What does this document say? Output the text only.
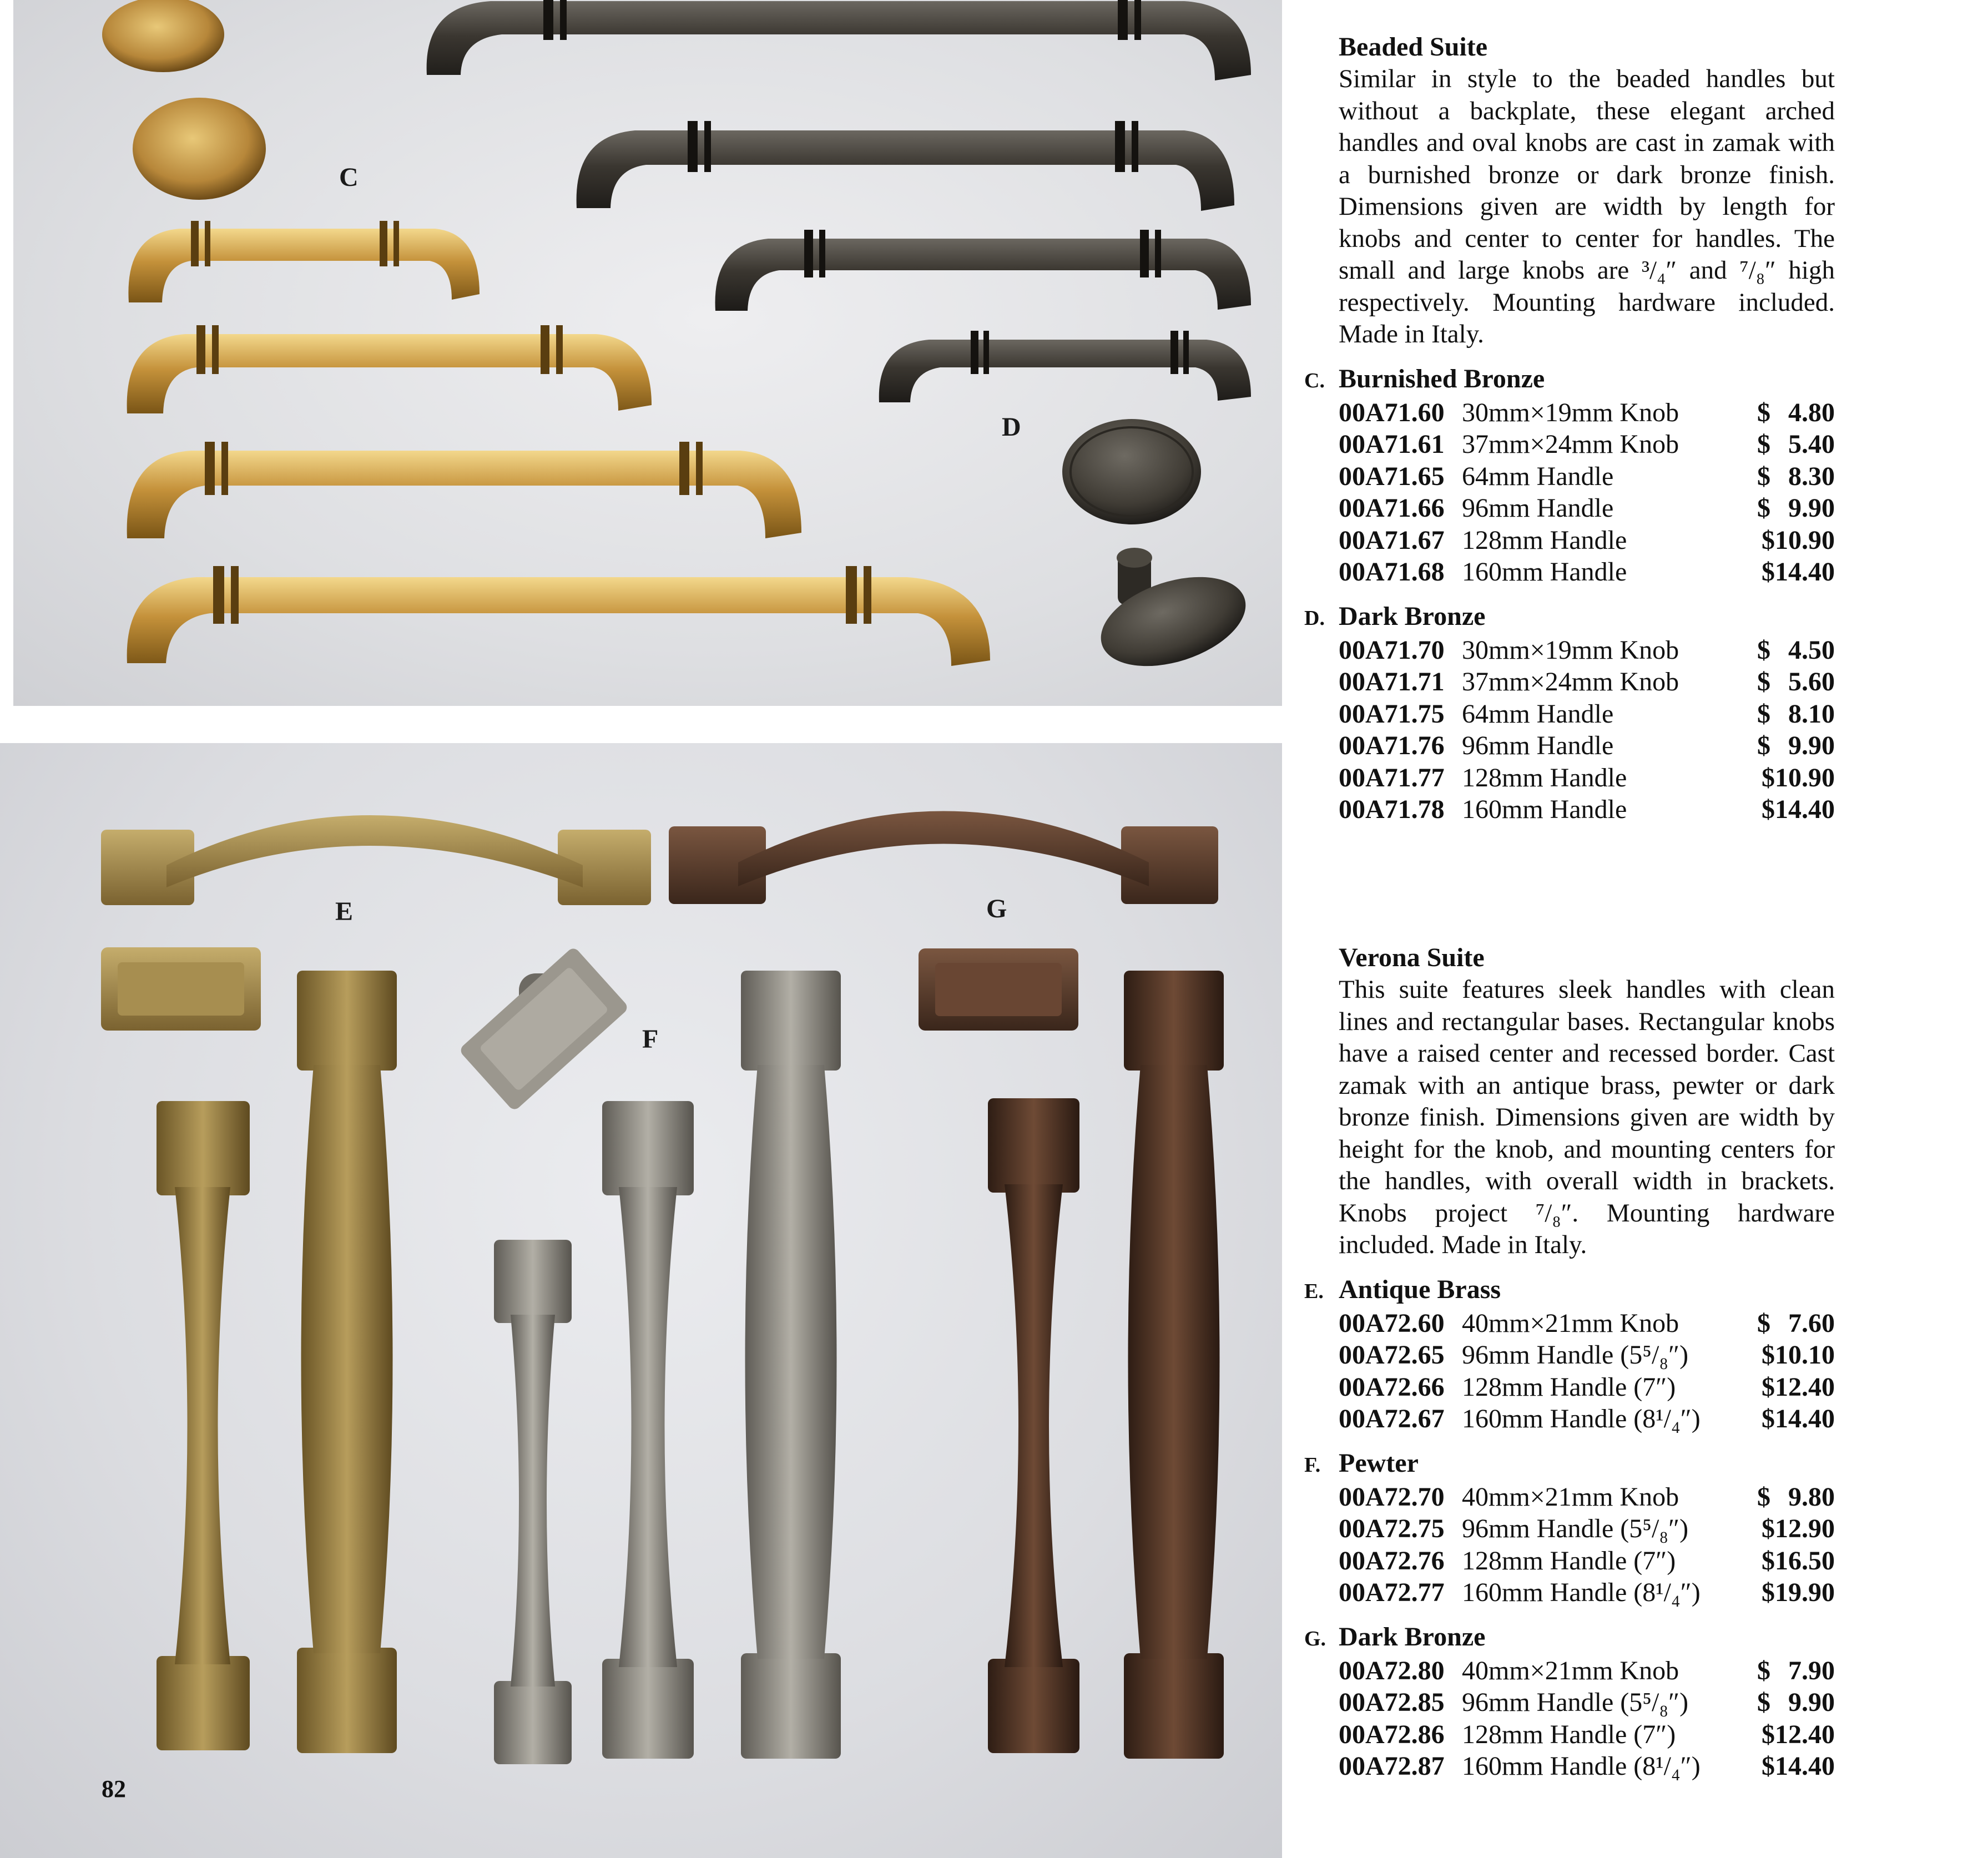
C
D
E
F
G
82
Beaded Suite
Similar in style to the beaded handles but without a backplate, these elegant arched handles and oval knobs are cast in zamak with a burnished bronze or dark bronze finish. Dimensions given are width by length for knobs and center to center for handles. The small and large knobs are ³/₄″ and ⁷/₈″ high respectively. Mounting hardware included. Made in Italy.
C. Burnished Bronze
00A71.60 30mm×19mm Knob	$ 4.80
00A71.61 37mm×24mm Knob	$ 5.40
00A71.65 64mm Handle	$ 8.30
00A71.66 96mm Handle	$ 9.90
00A71.67 128mm Handle	$10.90
00A71.68 160mm Handle	$14.40
D. Dark Bronze
00A71.70 30mm×19mm Knob	$ 4.50
00A71.71 37mm×24mm Knob	$ 5.60
00A71.75 64mm Handle	$ 8.10
00A71.76 96mm Handle	$ 9.90
00A71.77 128mm Handle	$10.90
00A71.78 160mm Handle	$14.40
Verona Suite
This suite features sleek handles with clean lines and rectangular bases. Rectangular knobs have a raised center and recessed border. Cast zamak with an antique brass, pewter or dark bronze finish. Dimensions given are width by height for the knob, and mounting centers for the handles, with overall width in brackets. Knobs project ⁷/₈″. Mounting hardware included. Made in Italy.
E. Antique Brass
00A72.60 40mm×21mm Knob	$ 7.60
00A72.65 96mm Handle (5⁵/₈″)	$10.10
00A72.66 128mm Handle (7″)	$12.40
00A72.67 160mm Handle (8¹/₄″)	$14.40
F. Pewter
00A72.70 40mm×21mm Knob	$ 9.80
00A72.75 96mm Handle (5⁵/₈″)	$12.90
00A72.76 128mm Handle (7″)	$16.50
00A72.77 160mm Handle (8¹/₄″)	$19.90
G. Dark Bronze
00A72.80 40mm×21mm Knob	$ 7.90
00A72.85 96mm Handle (5⁵/₈″)	$ 9.90
00A72.86 128mm Handle (7″)	$12.40
00A72.87 160mm Handle (8¹/₄″)	$14.40
